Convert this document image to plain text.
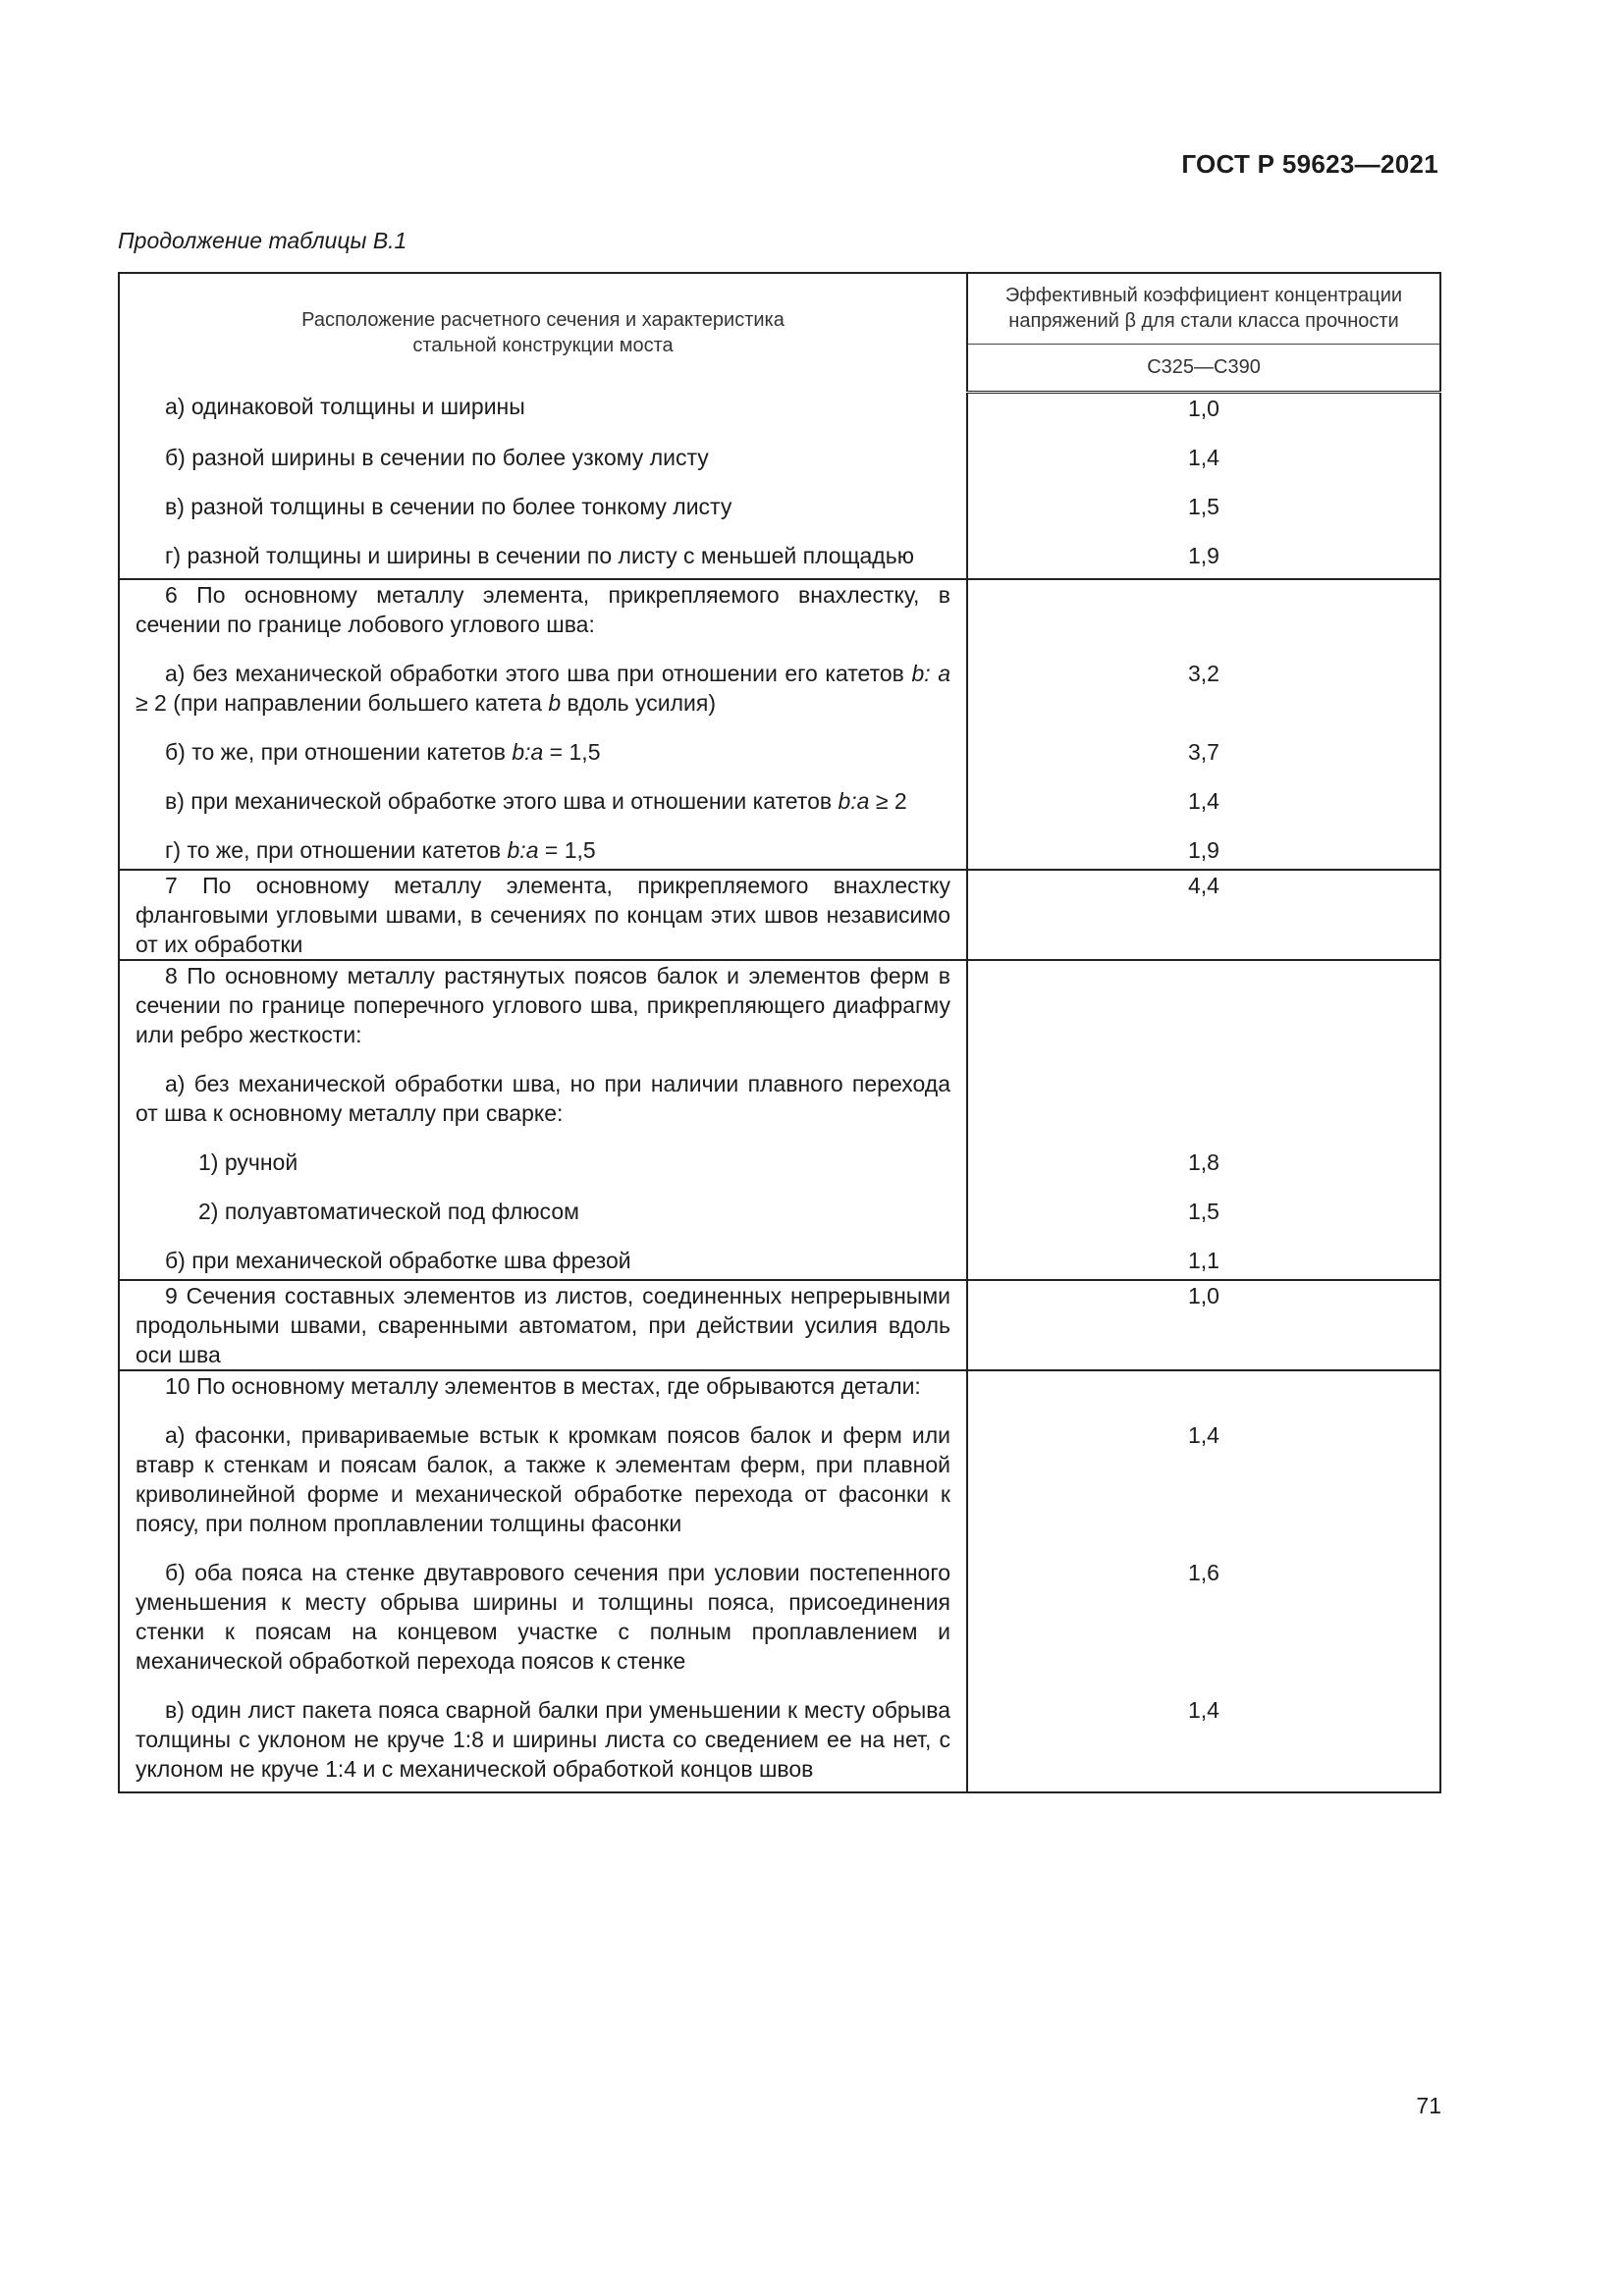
ГОСТ Р 59623—2021
Продолжение таблицы В.1
Расположение расчетного сечения и характеристика стальной конструкции моста	Эффективный коэффициент концентрации напряжений β для стали класса прочности

	С325—С390

а) одинаковой толщины и ширины	1,0

б) разной ширины в сечении по более узкому листу	1,4

в) разной толщины в сечении по более тонкому листу	1,5

г) разной толщины и ширины в сечении по листу с меньшей площадью	1,9

6 По основному металлу элемента, прикрепляемого внахлестку, в сечении по границе лобового углового шва:	

а) без механической обработки этого шва при отношении его катетов b: a ≥ 2 (при направлении большего катета b вдоль усилия)	3,2

б) то же, при отношении катетов b:a = 1,5	3,7

в) при механической обработке этого шва и отношении катетов b:a ≥ 2	1,4

г) то же, при отношении катетов b:a = 1,5	1,9

7 По основному металлу элемента, прикрепляемого внахлестку фланговыми угловыми швами, в сечениях по концам этих швов независимо от их обработки	4,4

8 По основному металлу растянутых поясов балок и элементов ферм в сечении по границе поперечного углового шва, прикрепляющего диафрагму или ребро жесткости:	

а) без механической обработки шва, но при наличии плавного перехода от шва к основному металлу при сварке:	

1) ручной	1,8

2) полуавтоматической под флюсом	1,5

б) при механической обработке шва фрезой	1,1

9 Сечения составных элементов из листов, соединенных непрерывными продольными швами, сваренными автоматом, при действии усилия вдоль оси шва	1,0

10 По основному металлу элементов в местах, где обрываются детали:	

а) фасонки, привариваемые встык к кромкам поясов балок и ферм или втавр к стенкам и поясам балок, а также к элементам ферм, при плавной криволинейной форме и механической обработке перехода от фасонки к поясу, при полном проплавлении толщины фасонки	1,4

б) оба пояса на стенке двутаврового сечения при условии постепенного уменьшения к месту обрыва ширины и толщины пояса, присоединения стенки к поясам на концевом участке с полным проплавлением и механической обработкой перехода поясов к стенке	1,6

в) один лист пакета пояса сварной балки при уменьшении к месту обрыва толщины с уклоном не круче 1:8 и ширины листа со сведением ее на нет, с уклоном не круче 1:4 и с механической обработкой концов швов	1,4
71
